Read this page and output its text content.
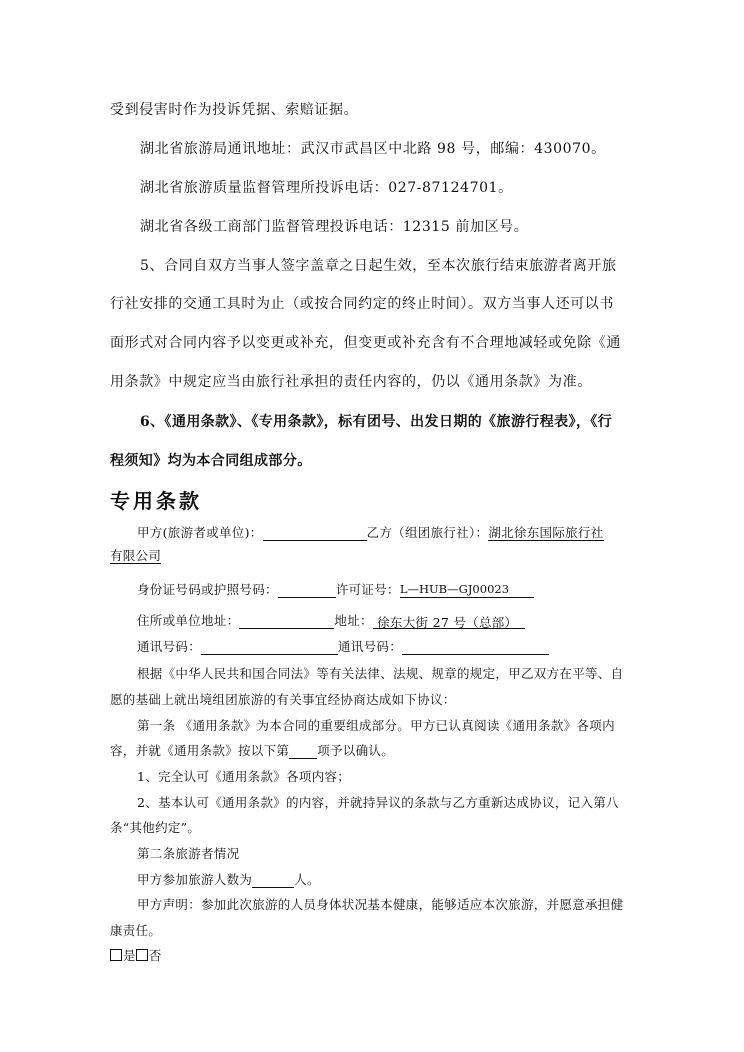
受到侵害时作为投诉凭据、索赔证据。
湖北省旅游局通讯地址：武汉市武昌区中北路 98 号，邮编：430070。
湖北省旅游质量监督管理所投诉电话：027-87124701。
湖北省各级工商部门监督管理投诉电话：12315 前加区号。
5、合同自双方当事人签字盖章之日起生效，至本次旅行结束旅游者离开旅
行社安排的交通工具时为止（或按合同约定的终止时间）。双方当事人还可以书
面形式对合同内容予以变更或补充，但变更或补充含有不合理地减轻或免除《通
用条款》中规定应当由旅行社承担的责任内容的，仍以《通用条款》为准。
6、《通用条款》、《专用条款》，标有团号、出发日期的《旅游行程表》，《行
程须知》均为本合同组成部分。
专用条款
甲方(旅游者或单位)：	乙方（组团旅行社）：湖北徐东国际旅行社
有限公司
身份证号码或护照号码：	许可证号：L—HUB—GJ00023
住所或单位地址：	地址： 徐东大街 27 号（总部）
通讯号码：	通讯号码：
根据《中华人民共和国合同法》等有关法律、法规、规章的规定，甲乙双方在平等、自
愿的基础上就出境组团旅游的有关事宜经协商达成如下协议：
第一条 《通用条款》为本合同的重要组成部分。甲方已认真阅读《通用条款》各项内
容，并就《通用条款》按以下第 项予以确认。
1、完全认可《通用条款》各项内容；
2、基本认可《通用条款》的内容，并就持异议的条款与乙方重新达成协议，记入第八
条“其他约定”。
第二条旅游者情况
甲方参加旅游人数为	人。
甲方声明：参加此次旅游的人员身体状况基本健康，能够适应本次旅游，并愿意承担健
康责任。
是 否
